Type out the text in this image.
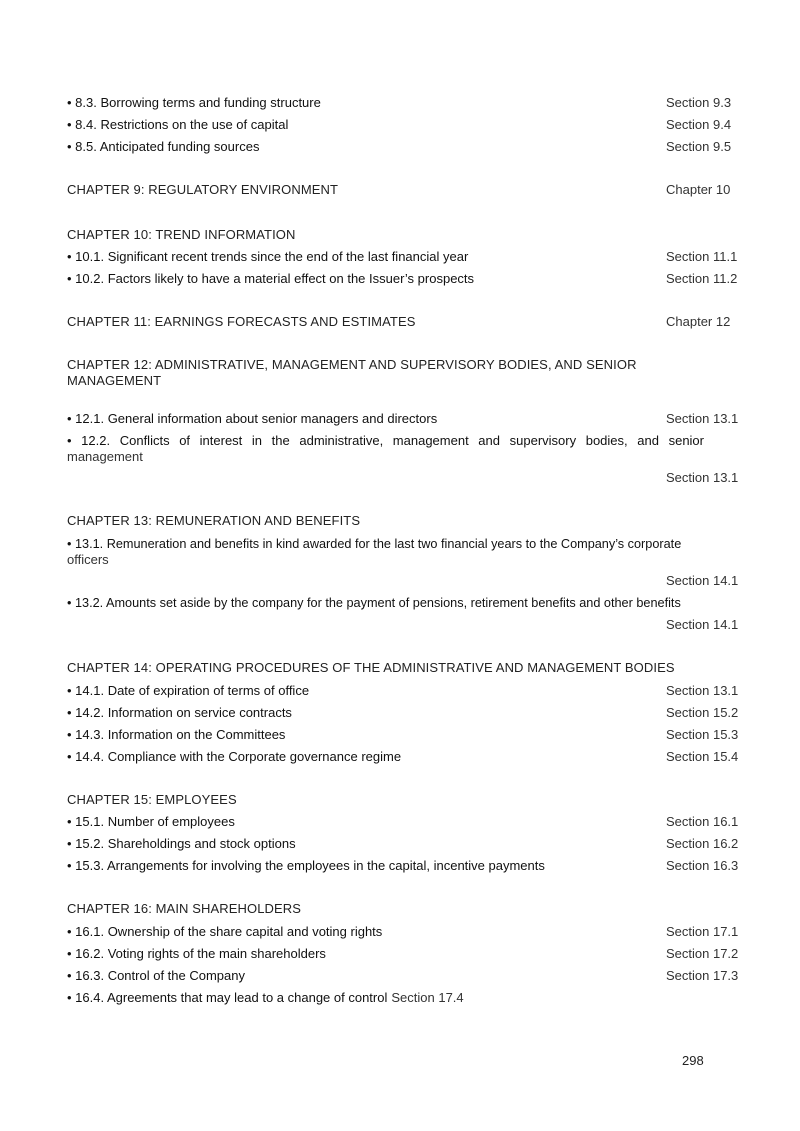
• 8.3. Borrowing terms and funding structure	Section 9.3
• 8.4. Restrictions on the use of capital	Section 9.4
• 8.5. Anticipated funding sources	Section 9.5
CHAPTER 9: REGULATORY ENVIRONMENT	Chapter 10
CHAPTER 10: TREND INFORMATION
• 10.1. Significant recent trends since the end of the last financial year	Section 11.1
• 10.2. Factors likely to have a material effect on the Issuer’s prospects	Section 11.2
CHAPTER 11: EARNINGS FORECASTS AND ESTIMATES	Chapter 12
CHAPTER 12: ADMINISTRATIVE, MANAGEMENT AND SUPERVISORY BODIES, AND SENIOR
MANAGEMENT
• 12.1. General information about senior managers and directors	Section 13.1
• 12.2. Conflicts of interest in the administrative, management and supervisory bodies, and senior
management
Section 13.1
CHAPTER 13: REMUNERATION AND BENEFITS
• 13.1. Remuneration and benefits in kind awarded for the last two financial years to the Company’s corporate
officers
Section 14.1
• 13.2. Amounts set aside by the company for the payment of pensions, retirement benefits and other benefits
Section 14.1
CHAPTER 14: OPERATING PROCEDURES OF THE ADMINISTRATIVE AND MANAGEMENT BODIES
• 14.1. Date of expiration of terms of office	Section 13.1
• 14.2. Information on service contracts	Section 15.2
• 14.3. Information on the Committees	Section 15.3
• 14.4. Compliance with the Corporate governance regime	Section 15.4
CHAPTER 15: EMPLOYEES
• 15.1. Number of employees	Section 16.1
• 15.2. Shareholdings and stock options	Section 16.2
• 15.3. Arrangements for involving the employees in the capital, incentive payments	Section 16.3
CHAPTER 16: MAIN SHAREHOLDERS
• 16.1. Ownership of the share capital and voting rights	Section 17.1
• 16.2. Voting rights of the main shareholders	Section 17.2
• 16.3. Control of the Company	Section 17.3
• 16.4. Agreements that may lead to a change of control Section 17.4
298
